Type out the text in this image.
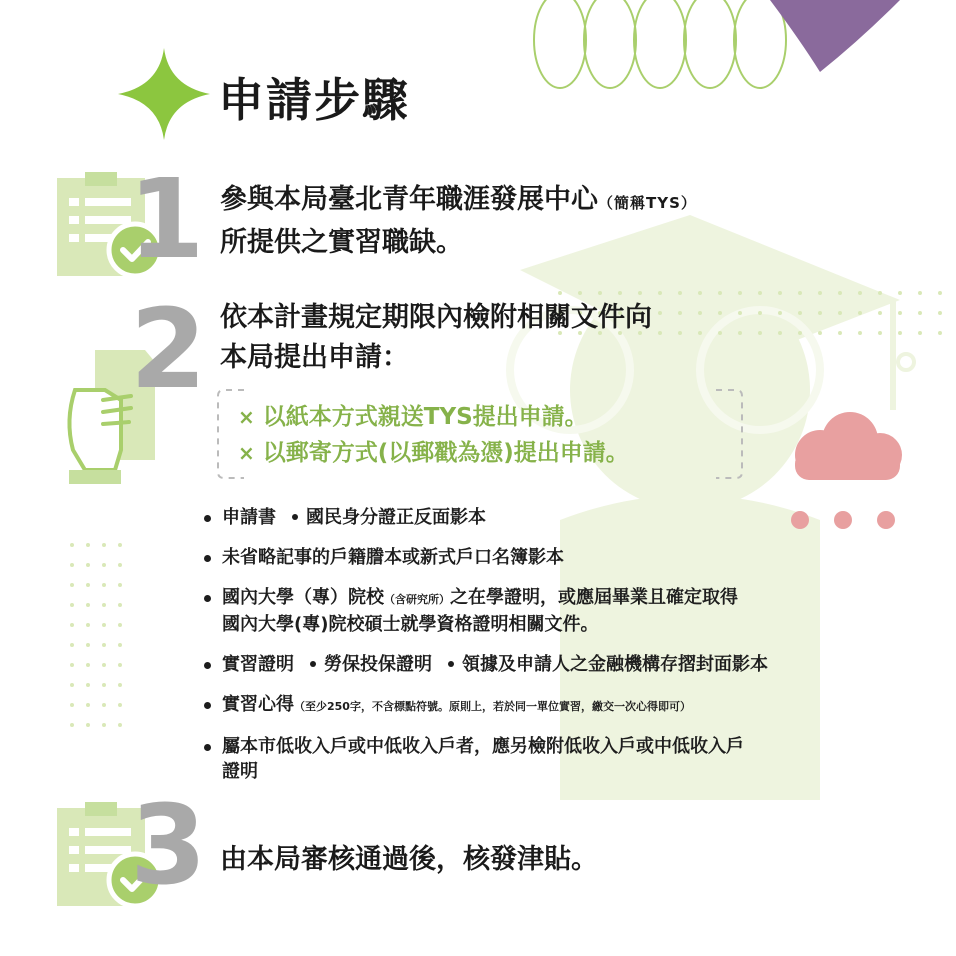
申請步驟
1 參與本局臺北青年職涯發展中心（簡稱TYS）
所提供之實習職缺。
2 依本計畫規定期限內檢附相關文件向
本局提出申請：
× 以紙本方式親送TYS提出申請。
× 以郵寄方式(以郵戳為憑)提出申請。
申請書 國民身分證正反面影本
未省略記事的戶籍謄本或新式戶口名簿影本
國內大學（專）院校（含研究所）之在學證明，或應屆畢業且確定取得
國內大學(專)院校碩士就學資格證明相關文件。
實習證明 勞保投保證明 領據及申請人之金融機構存摺封面影本
實習心得（至少250字，不含標點符號。原則上，若於同一單位實習，繳交一次心得即可）
屬本市低收入戶或中低收入戶者，應另檢附低收入戶或中低收入戶
證明
3 由本局審核通過後，核發津貼。
